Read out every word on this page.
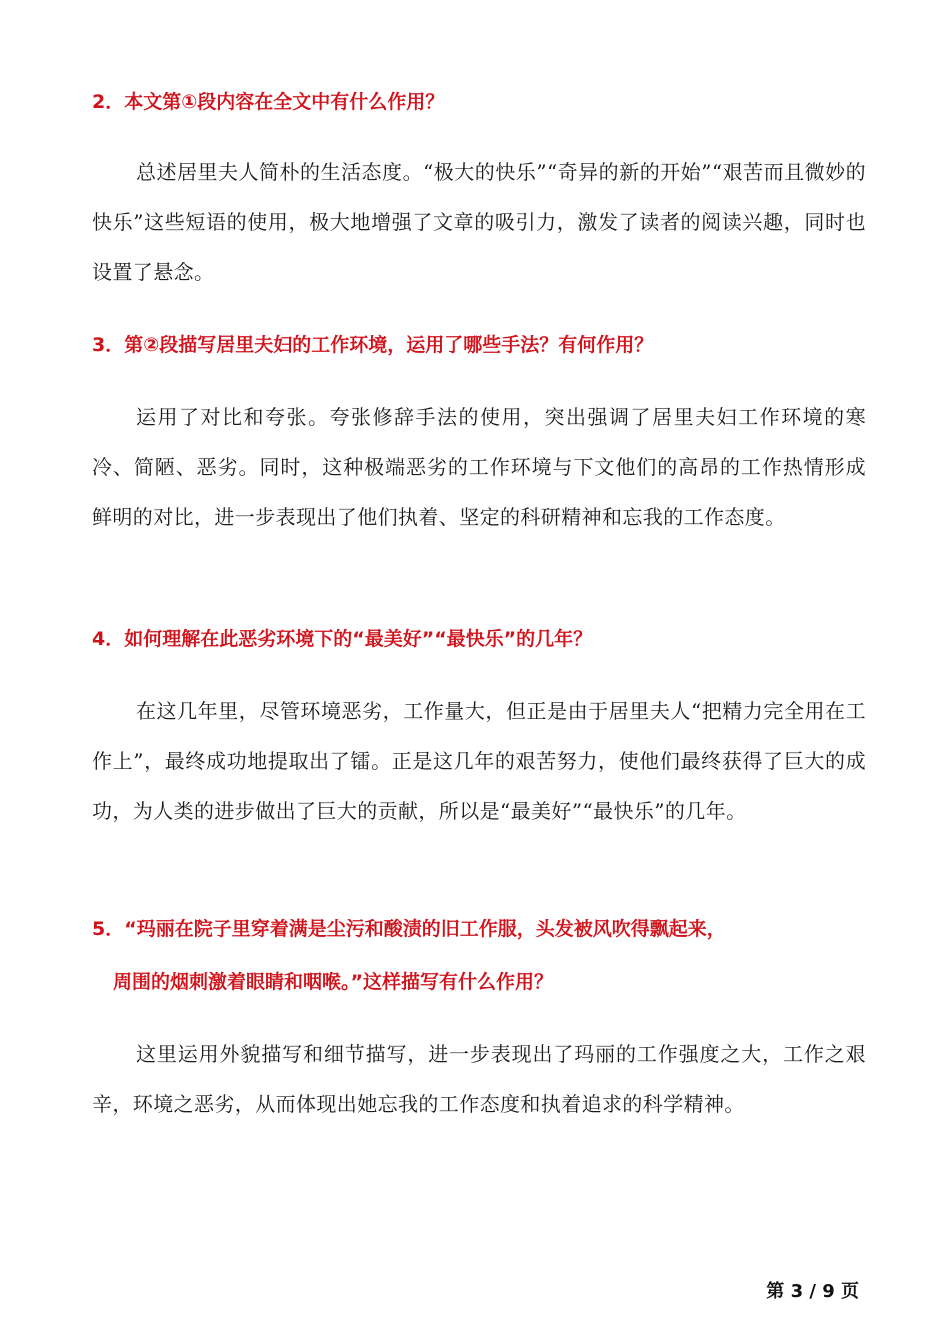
2．本文第①段内容在全文中有什么作用？

总述居里夫人简朴的生活态度。“极大的快乐”“奇异的新的开始”“艰苦而且微妙的快乐”这些短语的使用，极大地增强了文章的吸引力，激发了读者的阅读兴趣，同时也设置了悬念。

3．第②段描写居里夫妇的工作环境，运用了哪些手法？有何作用？

运用了对比和夸张。夸张修辞手法的使用，突出强调了居里夫妇工作环境的寒冷、简陋、恶劣。同时，这种极端恶劣的工作环境与下文他们的高昂的工作热情形成鲜明的对比，进一步表现出了他们执着、坚定的科研精神和忘我的工作态度。

4．如何理解在此恶劣环境下的“最美好”“最快乐”的几年？

在这几年里，尽管环境恶劣，工作量大，但正是由于居里夫人“把精力完全用在工作上”，最终成功地提取出了镭。正是这几年的艰苦努力，使他们最终获得了巨大的成功，为人类的进步做出了巨大的贡献，所以是“最美好”“最快乐”的几年。

5．“玛丽在院子里穿着满是尘污和酸渍的旧工作服，头发被风吹得飘起来，

周围的烟刺激着眼睛和咽喉。”这样描写有什么作用？

这里运用外貌描写和细节描写，进一步表现出了玛丽的工作强度之大，工作之艰辛，环境之恶劣，从而体现出她忘我的工作态度和执着追求的科学精神。

第 3 / 9 页
